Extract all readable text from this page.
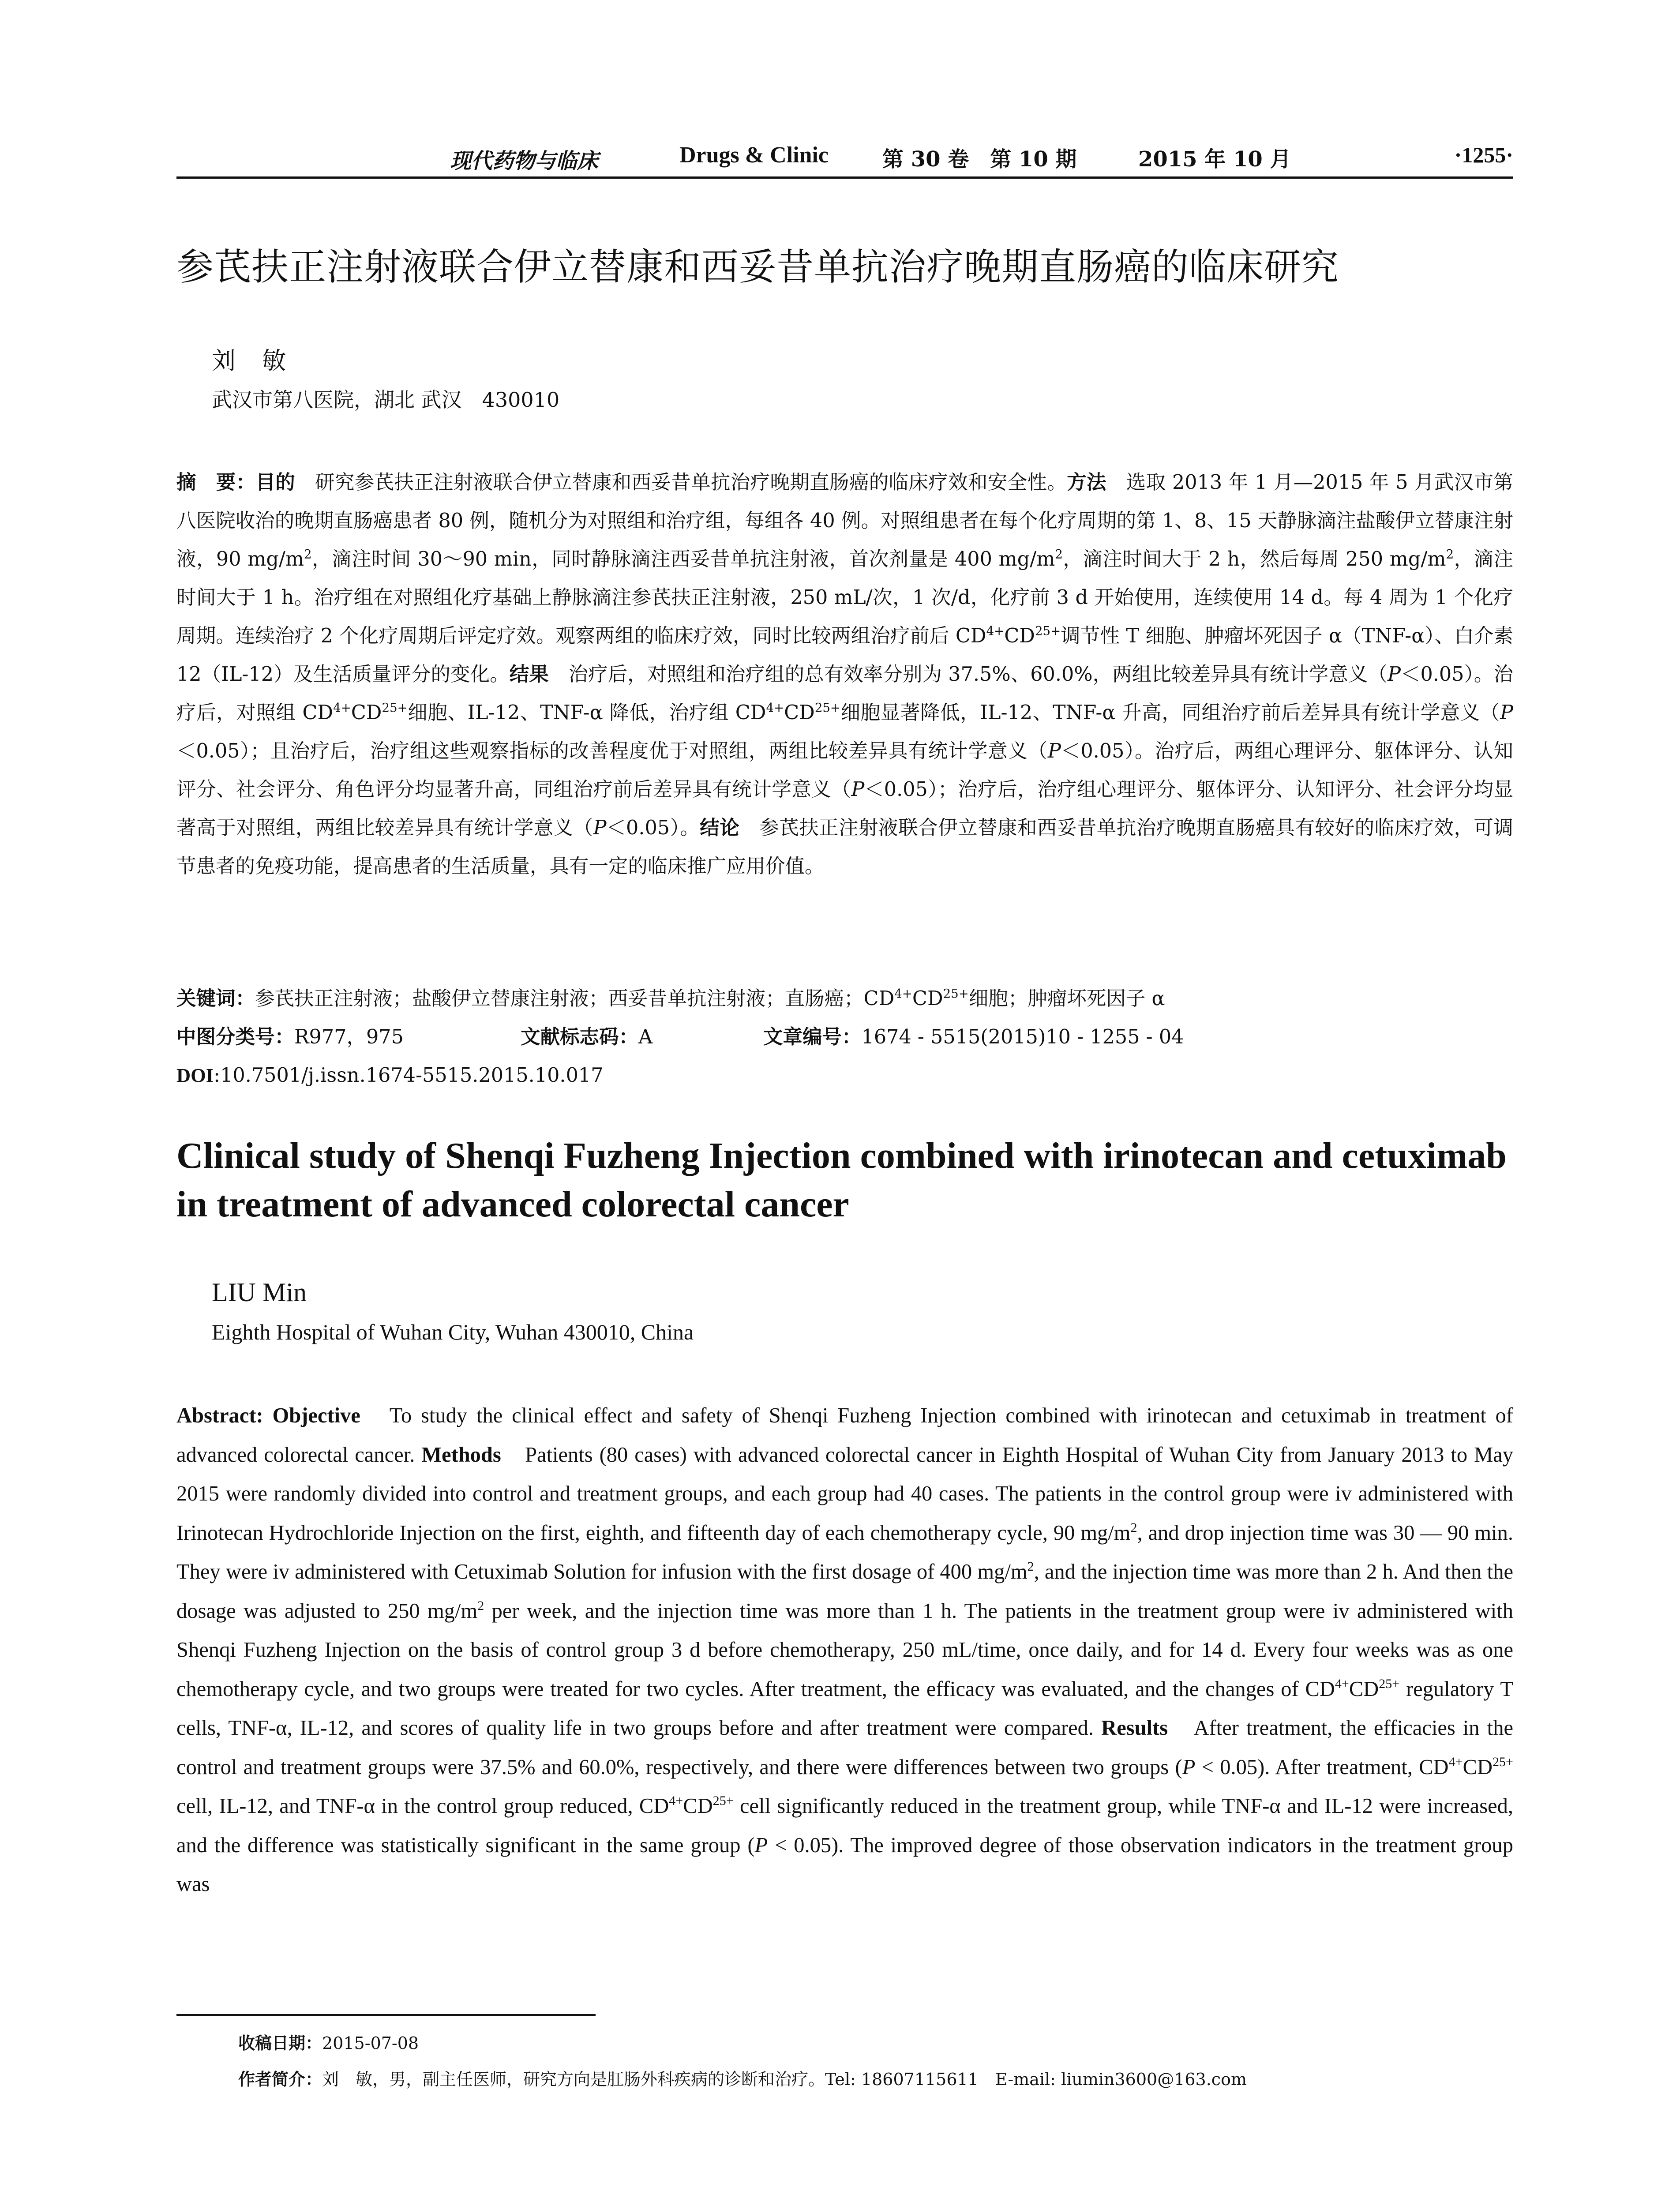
现代药物与临床	Drugs & Clinic	第 30 卷　第 10 期	2015 年 10 月	·1255·
参芪扶正注射液联合伊立替康和西妥昔单抗治疗晚期直肠癌的临床研究
刘敏
武汉市第八医院，湖北 武汉　430010
摘　要：目的　 研究参芪扶正注射液联合伊立替康和西妥昔单抗治疗晚期直肠癌的临床疗效和安全性。方法　 选取 2013 年 1 月—2015 年 5 月武汉市第八医院收治的晚期直肠癌患者 80 例，随机分为对照组和治疗组，每组各 40 例。对照组患者在每个化疗周期的第 1、8、15 天静脉滴注盐酸伊立替康注射液，90 $mg/m^2$，滴注时间 30～90 min，同时静脉滴注西妥昔单抗注射液，首次剂量是 400 $mg/m^2$，滴注时间大于 2 h，然后每周 250 $mg/m^2$，滴注时间大于 1 h。治疗组在对照组化疗基础上静脉滴注参芪扶正注射液，250 mL/次，1 次/d，化疗前 3 d 开始使用，连续使用 14 d。每 4 周为 1 个化疗周期。连续治疗 2 个化疗周期后评定疗效。观察两组的临床疗效，同时比较两组治疗前后 $CD^{4+}CD^{25+}$调节性 T 细胞、肿瘤坏死因子 α（TNF-α）、白介素 12（IL-12）及生活质量评分的变化。结果　 治疗后，对照组和治疗组的总有效率分别为 37.5%、60.0%，两组比较差异具有统计学意义（P＜0.05）。治疗后，对照组 $CD^{4+}CD^{25+}$细胞、IL-12、TNF-α 降低，治疗组 $CD^{4+}CD^{25+}$细胞显著降低，IL-12、TNF-α 升高，同组治疗前后差异具有统计学意义（P＜0.05）；且治疗后，治疗组这些观察指标的改善程度优于对照组，两组比较差异具有统计学意义（P＜0.05）。治疗后，两组心理评分、躯体评分、认知评分、社会评分、角色评分均显著升高，同组治疗前后差异具有统计学意义（P＜0.05）；治疗后，治疗组心理评分、躯体评分、认知评分、社会评分均显著高于对照组，两组比较差异具有统计学意义（P＜0.05）。结论　 参芪扶正注射液联合伊立替康和西妥昔单抗治疗晚期直肠癌具有较好的临床疗效，可调节患者的免疫功能，提高患者的生活质量，具有一定的临床推广应用价值。
关键词：参芪扶正注射液；盐酸伊立替康注射液；西妥昔单抗注射液；直肠癌；$CD^{4+}CD^{25+}$细胞；肿瘤坏死因子 α
中图分类号：R977，975	文献标志码：A	文章编号：1674 - 5515(2015)10 - 1255 - 04
DOI:10.7501/j.issn.1674-5515.2015.10.017
Clinical study of Shenqi Fuzheng Injection combined with irinotecan and cetuximab in treatment of advanced colorectal cancer
LIU Min
Eighth Hospital of Wuhan City, Wuhan 430010, China
Abstract: Objective　 To study the clinical effect and safety of Shenqi Fuzheng Injection combined with irinotecan and cetuximab in treatment of advanced colorectal cancer. Methods　 Patients (80 cases) with advanced colorectal cancer in Eighth Hospital of Wuhan City from January 2013 to May 2015 were randomly divided into control and treatment groups, and each group had 40 cases. The patients in the control group were iv administered with Irinotecan Hydrochloride Injection on the first, eighth, and fifteenth day of each chemotherapy cycle, 90 $mg/m^2$, and drop injection time was 30 — 90 min. They were iv administered with Cetuximab Solution for infusion with the first dosage of 400 $mg/m^2$, and the injection time was more than 2 h. And then the dosage was adjusted to 250 $mg/m^2$ per week, and the injection time was more than 1 h. The patients in the treatment group were iv administered with Shenqi Fuzheng Injection on the basis of control group 3 d before chemotherapy, 250 mL/time, once daily, and for 14 d. Every four weeks was as one chemotherapy cycle, and two groups were treated for two cycles. After treatment, the efficacy was evaluated, and the changes of $CD^{4+}CD^{25+}$ regulatory T cells, TNF-α, IL-12, and scores of quality life in two groups before and after treatment were compared. Results　 After treatment, the efficacies in the control and treatment groups were 37.5% and 60.0%, respectively, and there were differences between two groups (P < 0.05). After treatment, $CD^{4+}CD^{25+}$ cell, IL-12, and TNF-α in the control group reduced, $CD^{4+}CD^{25+}$ cell significantly reduced in the treatment group, while TNF-α and IL-12 were increased, and the difference was statistically significant in the same group (P < 0.05). The improved degree of those observation indicators in the treatment group was
收稿日期：2015-07-08
作者简介：刘　敏，男，副主任医师，研究方向是肛肠外科疾病的诊断和治疗。Tel: 18607115611　E-mail: liumin3600@163.com
